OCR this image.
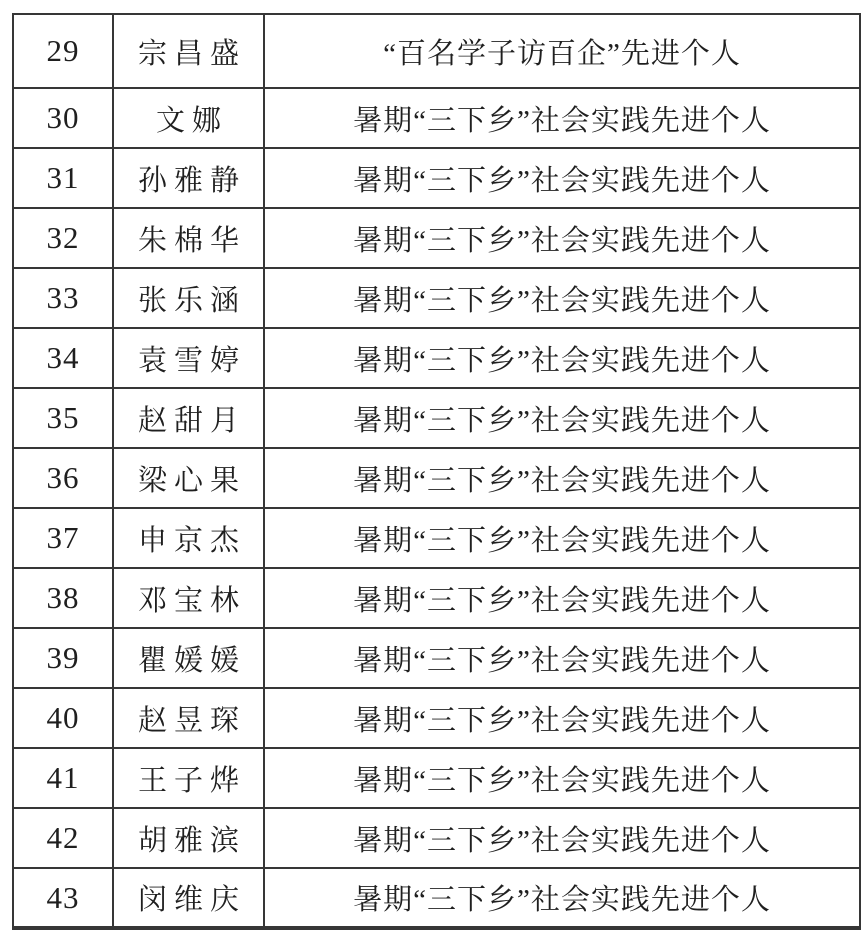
29	宗昌盛	“百名学子访百企”先进个人
30	文娜	暑期“三下乡”社会实践先进个人
31	孙雅静	暑期“三下乡”社会实践先进个人
32	朱棉华	暑期“三下乡”社会实践先进个人
33	张乐涵	暑期“三下乡”社会实践先进个人
34	袁雪婷	暑期“三下乡”社会实践先进个人
35	赵甜月	暑期“三下乡”社会实践先进个人
36	梁心果	暑期“三下乡”社会实践先进个人
37	申京杰	暑期“三下乡”社会实践先进个人
38	邓宝林	暑期“三下乡”社会实践先进个人
39	瞿媛媛	暑期“三下乡”社会实践先进个人
40	赵昱琛	暑期“三下乡”社会实践先进个人
41	王子烨	暑期“三下乡”社会实践先进个人
42	胡雅滨	暑期“三下乡”社会实践先进个人
43	闵维庆	暑期“三下乡”社会实践先进个人
